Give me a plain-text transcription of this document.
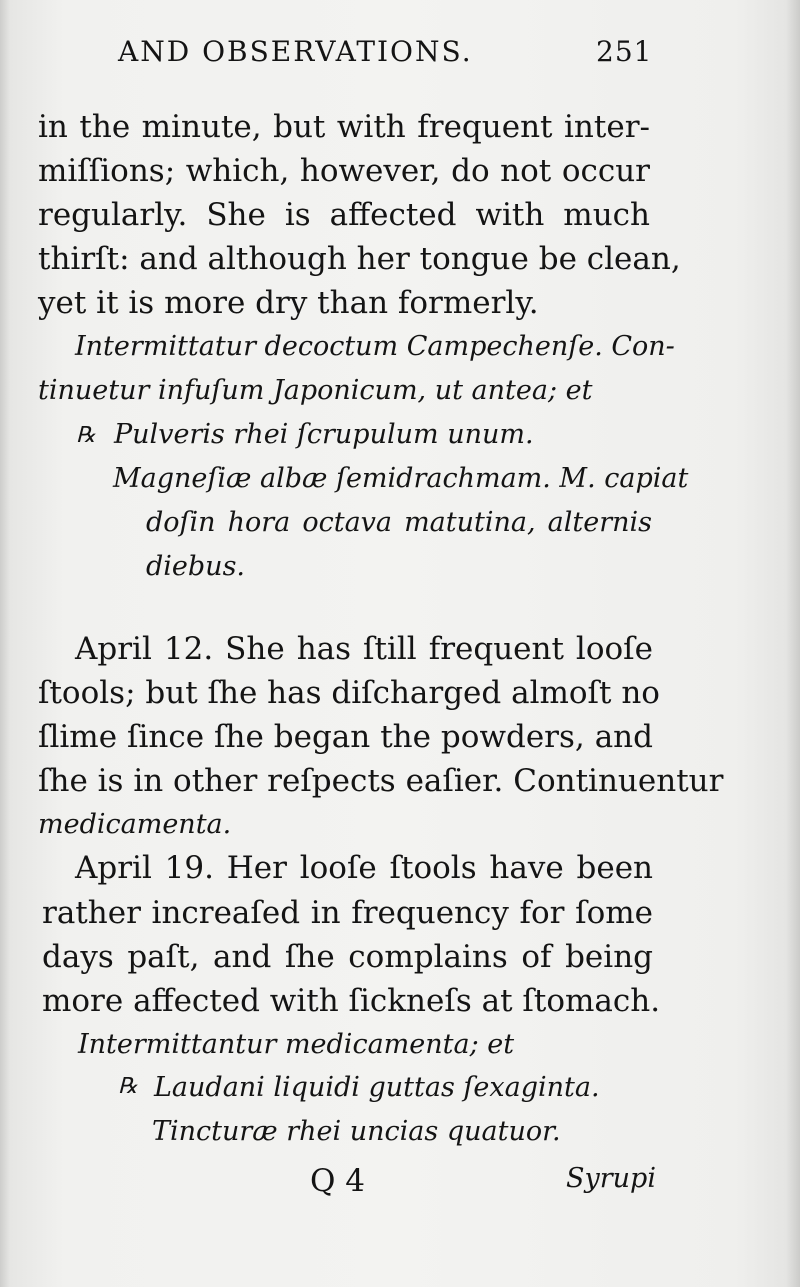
AND OBSERVATIONS.	251
in the minute, but with frequent inter-
miſſions; which, however, do not occur
regularly. She is affected with much
thirſt: and although her tongue be clean,
yet it is more dry than formerly.
Intermittatur decoctum Campechenſe. Con-
tinuetur infuſum Japonicum, ut antea; et
℞ Pulveris rhei ſcrupulum unum.
Magneſiæ albæ ſemidrachmam. M. capiat
doſin hora octava matutina, alternis
diebus.
April 12. She has ſtill frequent looſe
ſtools; but ſhe has diſcharged almoſt no
ſlime ſince ſhe began the powders, and
ſhe is in other reſpects eaſier. Continuentur
medicamenta.
April 19. Her looſe ſtools have been
rather increaſed in frequency for ſome
days paſt, and ſhe complains of being
more affected with ſickneſs at ſtomach.
Intermittantur medicamenta; et
℞ Laudani liquidi guttas ſexaginta.
Tincturæ rhei uncias quatuor.
Q 4	Syrupi
